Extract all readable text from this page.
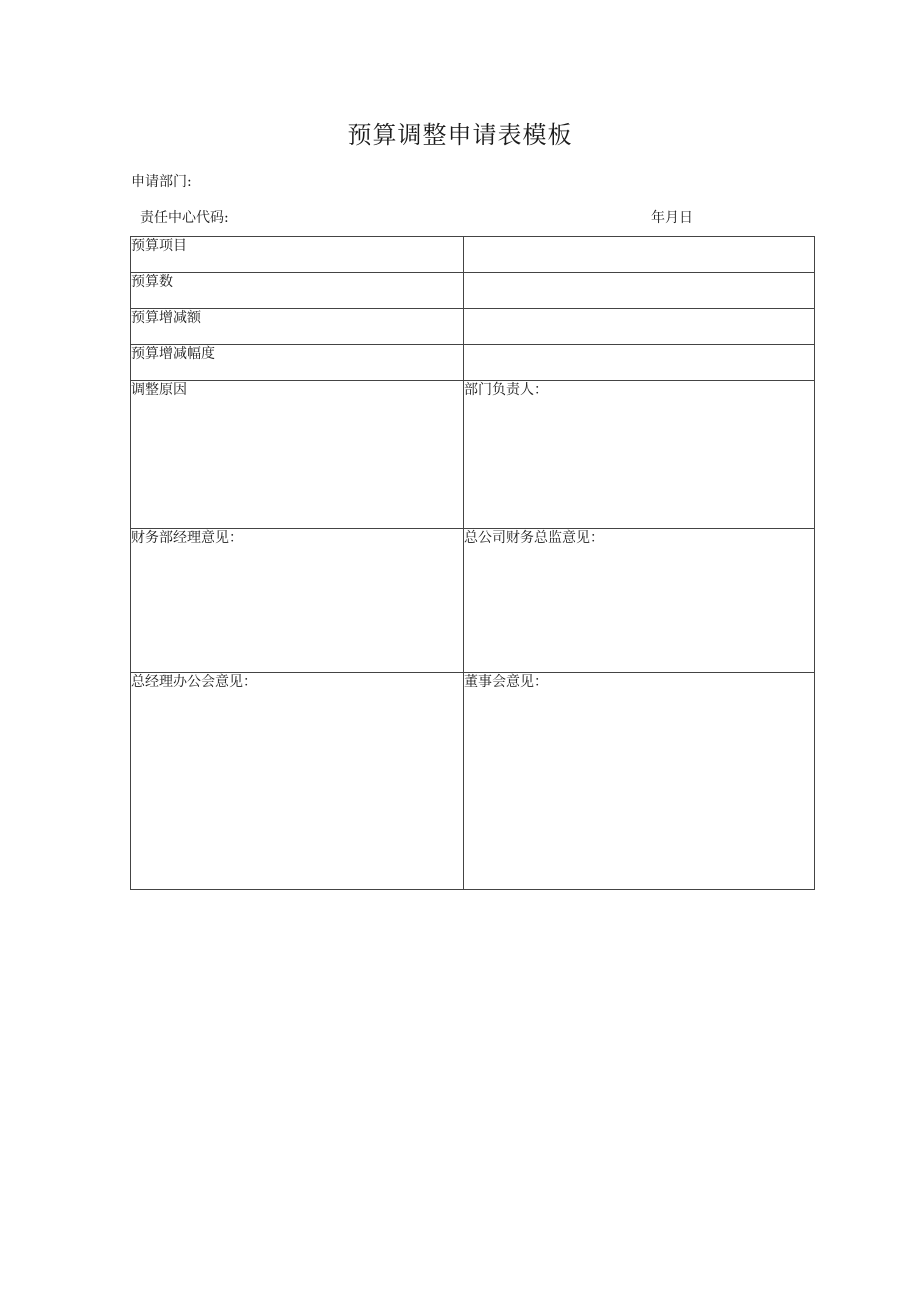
预算调整申请表模板
申请部门:
责任中心代码:	年月日
预算项目	
预算数	
预算增减额	
预算增减幅度	
调整原因	部门负责人：
财务部经理意见：	总公司财务总监意见：
总经理办公会意见：	董事会意见：
